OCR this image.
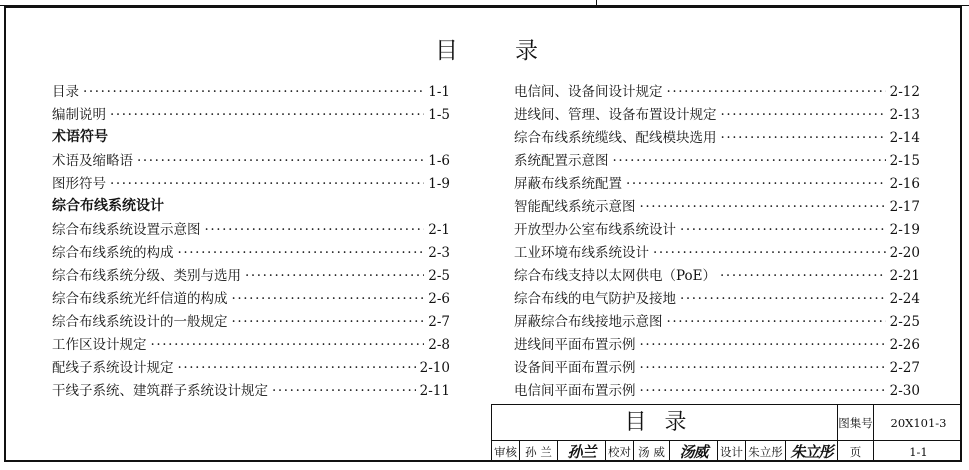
目 录
目录 ·····	1-1
编制说明 ·····	1-5
术语符号
术语及缩略语 ·····	1-6
图形符号 ·····	1-9
综合布线系统设计
综合布线系统设置示意图 ·····	2-1
综合布线系统的构成 ·····	2-3
综合布线系统分级、类别与选用 ·····	2-5
综合布线系统光纤信道的构成 ·····	2-6
综合布线系统设计的一般规定 ·····	2-7
工作区设计规定 ·····	2-8
配线子系统设计规定 ·····	2-10
干线子系统、建筑群子系统设计规定 ·····	2-11
电信间、设备间设计规定 ·····	2-12
进线间、管理、设备布置设计规定 ·····	2-13
综合布线系统缆线、配线模块选用 ·····	2-14
系统配置示意图 ·····	2-15
屏蔽布线系统配置 ·····	2-16
智能配线系统示意图 ·····	2-17
开放型办公室布线系统设计 ·····	2-19
工业环境布线系统设计 ·····	2-20
综合布线支持以太网供电（PoE） ·····	2-21
综合布线的电气防护及接地 ·····	2-24
屏蔽综合布线接地示意图 ·····	2-25
进线间平面布置示例 ·····	2-26
设备间平面布置示例 ·····	2-27
电信间平面布置示例 ·····	2-30
目录	图集号	20X101-3
审核 孙 兰	孙兰	校对 汤 威 汤威	设计 朱立彤 朱立彤	页	1-1
